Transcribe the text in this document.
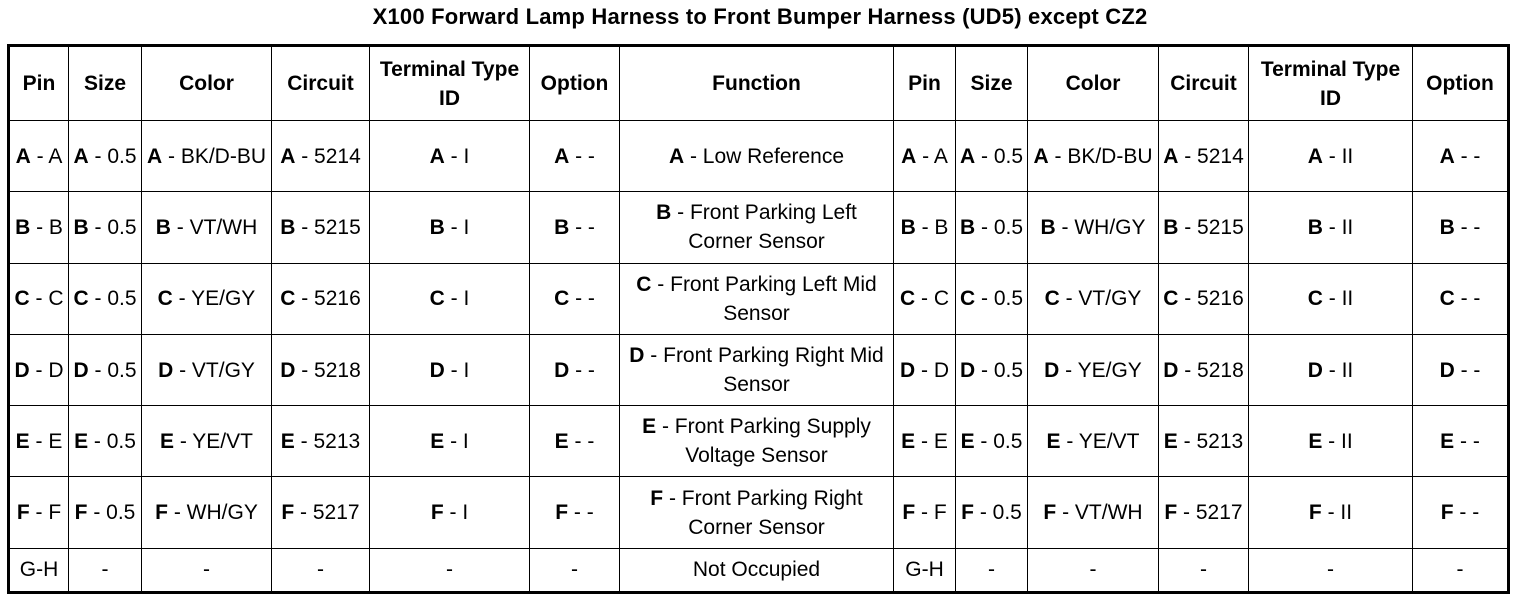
X100 Forward Lamp Harness to Front Bumper Harness (UD5) except CZ2
Pin	Size	Color	Circuit	Terminal Type ID	Option	Function	Pin	Size	Color	Circuit	Terminal Type ID	Option
A - A	A - 0.5	A - BK/D-BU	A - 5214	A - I	A - -	A - Low Reference	A - A	A - 0.5	A - BK/D-BU	A - 5214	A - II	A - -
B - B	B - 0.5	B - VT/WH	B - 5215	B - I	B - -	B - Front Parking Left Corner Sensor	B - B	B - 0.5	B - WH/GY	B - 5215	B - II	B - -
C - C	C - 0.5	C - YE/GY	C - 5216	C - I	C - -	C - Front Parking Left Mid Sensor	C - C	C - 0.5	C - VT/GY	C - 5216	C - II	C - -
D - D	D - 0.5	D - VT/GY	D - 5218	D - I	D - -	D - Front Parking Right Mid Sensor	D - D	D - 0.5	D - YE/GY	D - 5218	D - II	D - -
E - E	E - 0.5	E - YE/VT	E - 5213	E - I	E - -	E - Front Parking Supply Voltage Sensor	E - E	E - 0.5	E - YE/VT	E - 5213	E - II	E - -
F - F	F - 0.5	F - WH/GY	F - 5217	F - I	F - -	F - Front Parking Right Corner Sensor	F - F	F - 0.5	F - VT/WH	F - 5217	F - II	F - -
G-H	-	-	-	-	-	Not Occupied	G-H	-	-	-	-	-
